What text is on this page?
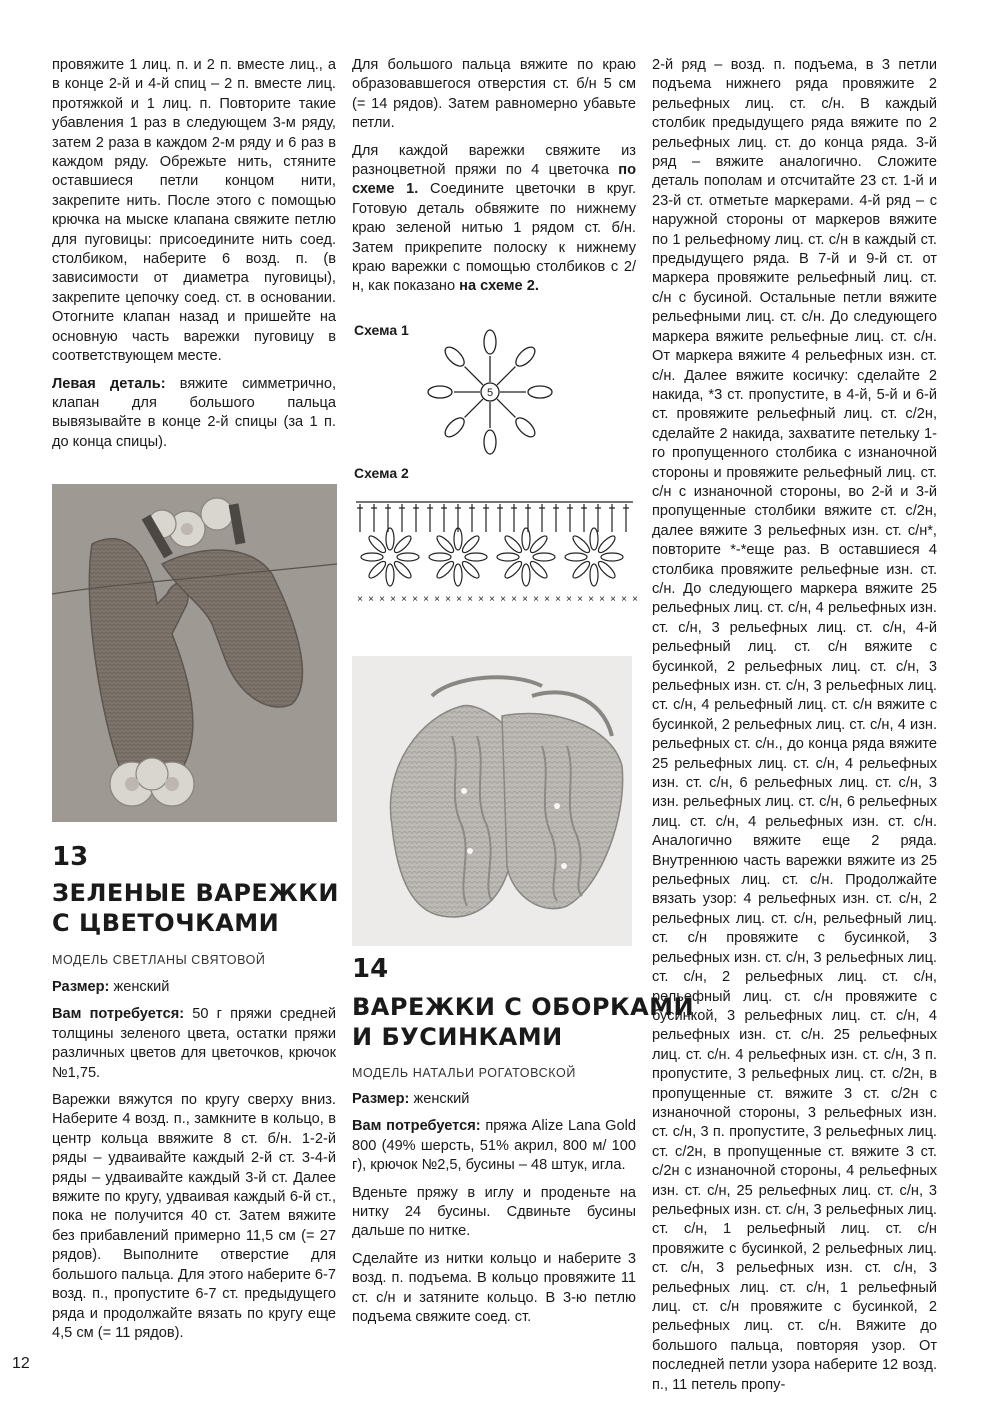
провяжите 1 лиц. п. и 2 п. вместе лиц., а в конце 2-й и 4-й спиц – 2 п. вместе лиц. протяжкой и 1 лиц. п. Повторите такие убавления 1 раз в следующем 3-м ряду, затем 2 раза в каждом 2-м ряду и 6 раз в каждом ряду. Обрежьте нить, стяните оставшиеся петли концом нити, закрепите нить. После этого с помощью крючка на мыске клапана свяжите петлю для пуговицы: присоедините нить соед. столбиком, наберите 6 возд. п. (в зависимости от диаметра пуговицы), закрепите цепочку соед. ст. в основании. Отогните клапан назад и пришейте на основную часть варежки пуговицу в соответствующем месте.

Левая деталь: вяжите симметрично, клапан для большого пальца вывязывайте в конце 2-й спицы (за 1 п. до конца спицы).

13
ЗЕЛЕНЫЕ ВАРЕЖКИ
С ЦВЕТОЧКАМИ
МОДЕЛЬ СВЕТЛАНЫ СВЯТОВОЙ

Размер: женский

Вам потребуется: 50 г пряжи средней толщины зеленого цвета, остатки пряжи различных цветов для цветочков, крючок №1,75.

Варежки вяжутся по кругу сверху вниз. Наберите 4 возд. п., замкните в кольцо, в центр кольца ввяжите 8 ст. б/н. 1-2-й ряды – удваивайте каждый 2-й ст. 3-4-й ряды – удваивайте каждый 3-й ст. Далее вяжите по кругу, удваивая каждый 6-й ст., пока не получится 40 ст. Затем вяжите без прибавлений примерно 11,5 см (= 27 рядов). Выполните отверстие для большого пальца. Для этого наберите 6-7 возд. п., пропустите 6-7 ст. предыдущего ряда и продолжайте вязать по кругу еще 4,5 см (= 11 рядов).

Для большого пальца вяжите по краю образовавшегося отверстия ст. б/н 5 см (= 14 рядов). Затем равномерно убавьте петли.

Для каждой варежки свяжите из разноцветной пряжи по 4 цветочка по схеме 1. Соедините цветочки в круг. Готовую деталь обвяжите по нижнему краю зеленой нитью 1 рядом ст. б/н. Затем прикрепите полоску к нижнему краю варежки с помощью столбиков с 2/н, как показано на схеме 2.

Схема 1
5
Схема 2
× × × × × × × × × × × × × × × × × × × × × × × × × ×
14
ВАРЕЖКИ С ОБОРКАМИ
И БУСИНКАМИ
МОДЕЛЬ НАТАЛЬИ РОГАТОВСКОЙ

Размер: женский

Вам потребуется: пряжа Alize Lana Gold 800 (49% шерсть, 51% акрил, 800 м/ 100 г), крючок №2,5, бусины – 48 штук, игла.

Вденьте пряжу в иглу и проденьте на нитку 24 бусины. Сдвиньте бусины дальше по нитке.

Сделайте из нитки кольцо и наберите 3 возд. п. подъема. В кольцо провяжите 11 ст. с/н и затяните кольцо. В 3-ю петлю подъема свяжите соед. ст.

2-й ряд – возд. п. подъема, в 3 петли подъема нижнего ряда провяжите 2 рельефных лиц. ст. с/н. В каждый столбик предыдущего ряда вяжите по 2 рельефных лиц. ст. до конца ряда. 3-й ряд – вяжите аналогично. Сложите деталь пополам и отсчитайте 23 ст. 1-й и 23-й ст. отметьте маркерами. 4-й ряд – с наружной стороны от маркеров вяжите по 1 рельефному лиц. ст. с/н в каждый ст. предыдущего ряда. В 7-й и 9-й ст. от маркера провяжите рельефный лиц. ст. с/н с бусиной. Остальные петли вяжите рельефными лиц. ст. с/н. До следующего маркера вяжите рельефные лиц. ст. с/н. От маркера вяжите 4 рельефных изн. ст. с/н. Далее вяжите косичку: сделайте 2 накида, *3 ст. пропустите, в 4-й, 5-й и 6-й ст. провяжите рельефный лиц. ст. с/2н, сделайте 2 накида, захватите петельку 1-го пропущенного столбика с изнаночной стороны и провяжите рельефный лиц. ст. с/н с изнаночной стороны, во 2-й и 3-й пропущенные столбики вяжите ст. с/2н, далее вяжите 3 рельефных изн. ст. с/н*, повторите *-*еще раз. В оставшиеся 4 столбика провяжите рельефные изн. ст. с/н. До следующего маркера вяжите 25 рельефных лиц. ст. с/н, 4 рельефных изн. ст. с/н, 3 рельефных лиц. ст. с/н, 4-й рельефный лиц. ст. с/н вяжите с бусинкой, 2 рельефных лиц. ст. с/н, 3 рельефных изн. ст. с/н, 3 рельефных лиц. ст. с/н, 4 рельефный лиц. ст. с/н вяжите с бусинкой, 2 рельефных лиц. ст. с/н, 4 изн. рельефных ст. с/н., до конца ряда вяжите 25 рельефных лиц. ст. с/н, 4 рельефных изн. ст. с/н, 6 рельефных лиц. ст. с/н, 3 изн. рельефных лиц. ст. с/н, 6 рельефных лиц. ст. с/н, 4 рельефных изн. ст. с/н. Аналогично вяжите еще 2 ряда. Внутреннюю часть варежки вяжите из 25 рельефных лиц. ст. с/н. Продолжайте вязать узор: 4 рельефных изн. ст. с/н, 2 рельефных лиц. ст. с/н, рельефный лиц. ст. с/н провяжите с бусинкой, 3 рельефных изн. ст. с/н, 3 рельефных лиц. ст. с/н, 2 рельефных лиц. ст. с/н, рельефный лиц. ст. с/н провяжите с бусинкой, 3 рельефных лиц. ст. с/н, 4 рельефных изн. ст. с/н. 25 рельефных лиц. ст. с/н. 4 рельефных изн. ст. с/н, 3 п. пропустите, 3 рельефных лиц. ст. с/2н, в пропущенные ст. вяжите 3 ст. с/2н с изнаночной стороны, 3 рельефных изн. ст. с/н, 3 п. пропустите, 3 рельефных лиц. ст. с/2н, в пропущенные ст. вяжите 3 ст. с/2н с изнаночной стороны, 4 рельефных изн. ст. с/н, 25 рельефных лиц. ст. с/н, 3 рельефных изн. ст. с/н, 3 рельефных лиц. ст. с/н, 1 рельефный лиц. ст. с/н провяжите с бусинкой, 2 рельефных лиц. ст. с/н, 3 рельефных изн. ст. с/н, 3 рельефных лиц. ст. с/н, 1 рельефный лиц. ст. с/н провяжите с бусинкой, 2 рельефных лиц. ст. с/н. Вяжите до большого пальца, повторяя узор. От последней петли узора наберите 12 возд. п., 11 петель пропу-

12
